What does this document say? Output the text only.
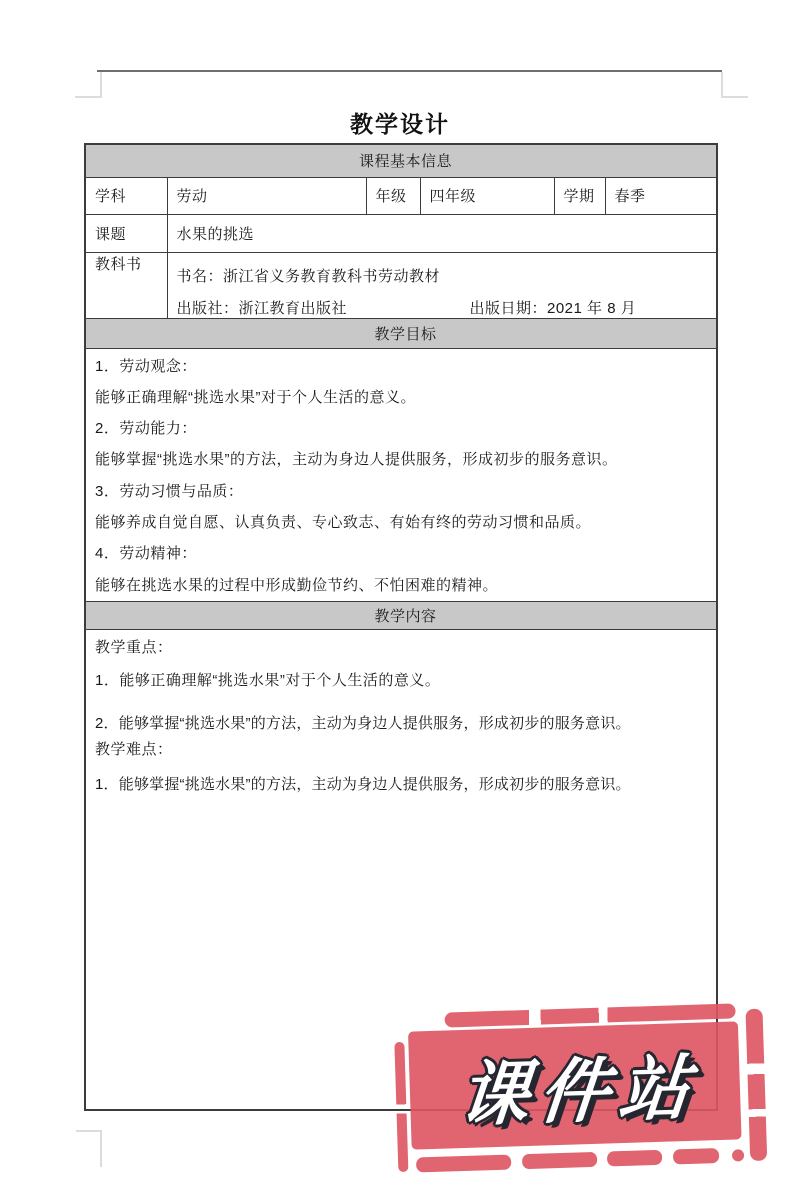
教学设计
课程基本信息					
学科	劳动	年级	四年级	学期	春季
课题	水果的挑选				
教科书	书名：浙江省义务教育教科书劳动教材
出版社：浙江教育出版社 出版日期：2021 年 8 月				

教学目标					

1．劳动观念：
能够正确理解“挑选水果”对于个人生活的意义。
2．劳动能力：
能够掌握“挑选水果”的方法，主动为身边人提供服务，形成初步的服务意识。
3．劳动习惯与品质：
能够养成自觉自愿、认真负责、专心致志、有始有终的劳动习惯和品质。
4．劳动精神：
能够在挑选水果的过程中形成勤俭节约、不怕困难的精神。

教学内容					

教学重点：
1．能够正确理解“挑选水果”对于个人生活的意义。
2．能够掌握“挑选水果”的方法，主动为身边人提供服务，形成初步的服务意识。
教学难点：
1．能够掌握“挑选水果”的方法，主动为身边人提供服务，形成初步的服务意识。					
课件站
